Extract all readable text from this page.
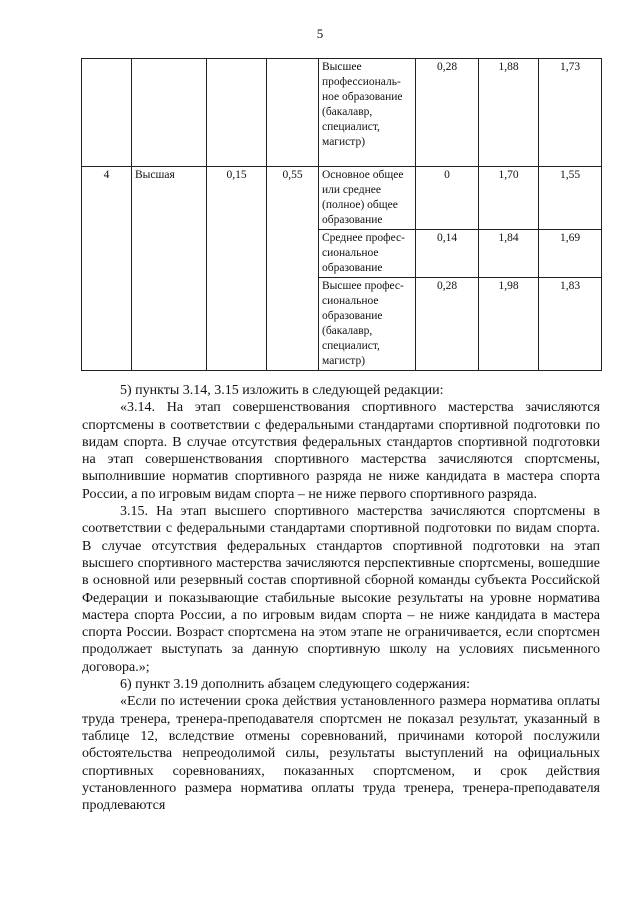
5
				Высшее профессиональ- ное образование (бакалавр, специалист, магистр)	0,28	1,88	1,73
4	Высшая	0,15	0,55	Основное общее или среднее (полное) общее образование	0	1,70	1,55
				Среднее профес- сиональное образование	0,14	1,84	1,69
				Высшее профес- сиональное образование (бакалавр, специалист, магистр)	0,28	1,98	1,83

5) пункты 3.14, 3.15 изложить в следующей редакции:

«3.14. На этап совершенствования спортивного мастерства зачисляются спортсмены в соответствии с федеральными стандартами спортивной подготовки по видам спорта. В случае отсутствия федеральных стандартов спортивной подготовки на этап совершенствования спортивного мастерства зачисляются спортсмены, выполнившие норматив спортивного разряда не ниже кандидата в мастера спорта России, а по игровым видам спорта – не ниже первого спортивного разряда.

3.15. На этап высшего спортивного мастерства зачисляются спортсмены в соответствии с федеральными стандартами спортивной подготовки по видам спорта. В случае отсутствия федеральных стандартов спортивной подготовки на этап высшего спортивного мастерства зачисляются перспективные спортсмены, вошедшие в основной или резервный состав спортивной сборной команды субъекта Российской Федерации и показывающие стабильные высокие результаты на уровне норматива мастера спорта России, а по игровым видам спорта – не ниже кандидата в мастера спорта России. Возраст спортсмена на этом этапе не ограничивается, если спортсмен продолжает выступать за данную спортивную школу на условиях письменного договора.»;

6) пункт 3.19 дополнить абзацем следующего содержания:

«Если по истечении срока действия установленного размера норматива оплаты труда тренера, тренера-преподавателя спортсмен не показал результат, указанный в таблице 12, вследствие отмены соревнований, причинами которой послужили обстоятельства непреодолимой силы, результаты выступлений на официальных спортивных соревнованиях, показанных спортсменом, и срок действия установленного размера норматива оплаты труда тренера, тренера-преподавателя продлеваются
